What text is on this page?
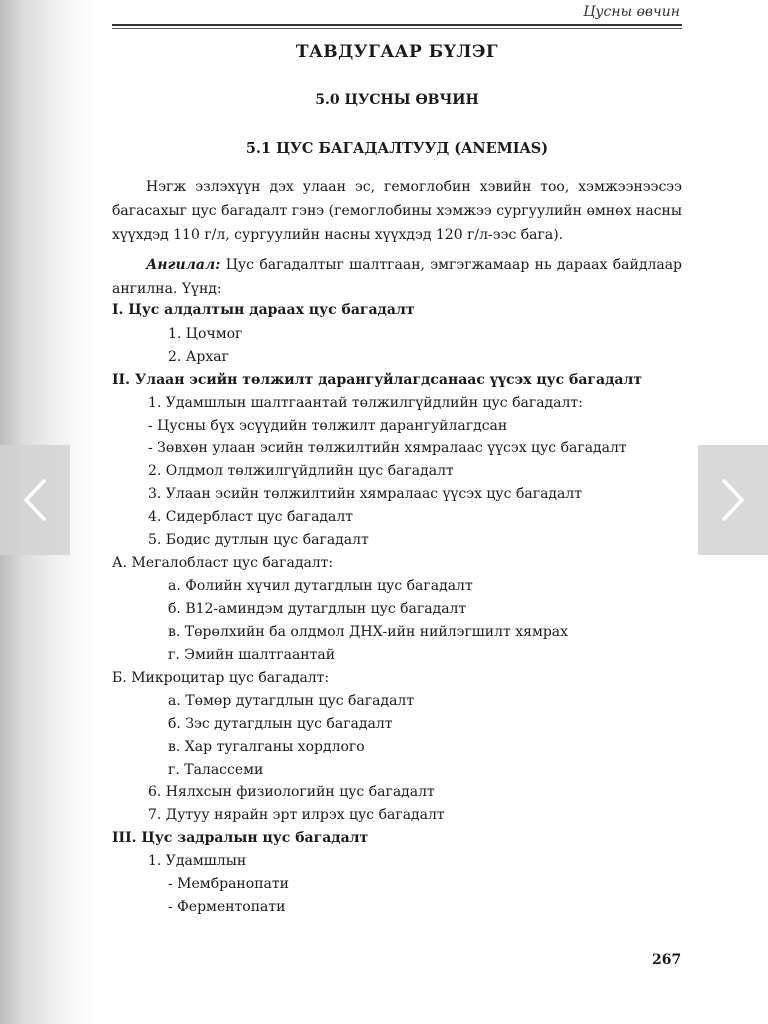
Цусны өвчин
ТАВДУГААР БҮЛЭГ
5.0 ЦУСНЫ ӨВЧИН
5.1 ЦУС БАГАДАЛТУУД (ANEMIAS)
Нэгж эзлэхүүн дэх улаан эс, гемоглобин хэвийн тоо, хэмжээнээсээ багасахыг цус багадалт гэнэ (гемоглобины хэмжээ сургуулийн өмнөх насны хүүхдэд 110 г/л, сургуулийн насны хүүхдэд 120 г/л-ээс бага).
Ангилал: Цус багадалтыг шалтгаан, эмгэгжамаар нь дараах байдлаар ангилна. Үүнд:
I. Цус алдалтын дараах цус багадалт
1. Цочмог
2. Архаг
II. Улаан эсийн төлжилт дарангуйлагдсанаас үүсэх цус багадалт
1. Удамшлын шалтгаантай төлжилгүйдлийн цус багадалт:
- Цусны бүх эсүүдийн төлжилт дарангуйлагдсан
- Зөвхөн улаан эсийн төлжилтийн хямралаас үүсэх цус багадалт
2. Олдмол төлжилгүйдлийн цус багадалт
3. Улаан эсийн төлжилтийн хямралаас үүсэх цус багадалт
4. Сидербласт цус багадалт
5. Бодис дутлын цус багадалт
А. Мегалобласт цус багадалт:
а. Фолийн хүчил дутагдлын цус багадалт
б. В12-аминдэм дутагдлын цус багадалт
в. Төрөлхийн ба олдмол ДНХ-ийн нийлэгшилт хямрах
г. Эмийн шалтгаантай
Б. Микроцитар цус багадалт:
а. Төмөр дутагдлын цус багадалт
б. Зэс дутагдлын цус багадалт
в. Хар тугалганы хордлого
г. Талассеми
6. Нялхсын физиологийн цус багадалт
7. Дутуу нярайн эрт илрэх цус багадалт
III. Цус задралын цус багадалт
1. Удамшлын
- Мембранопати
- Ферментопати
267
